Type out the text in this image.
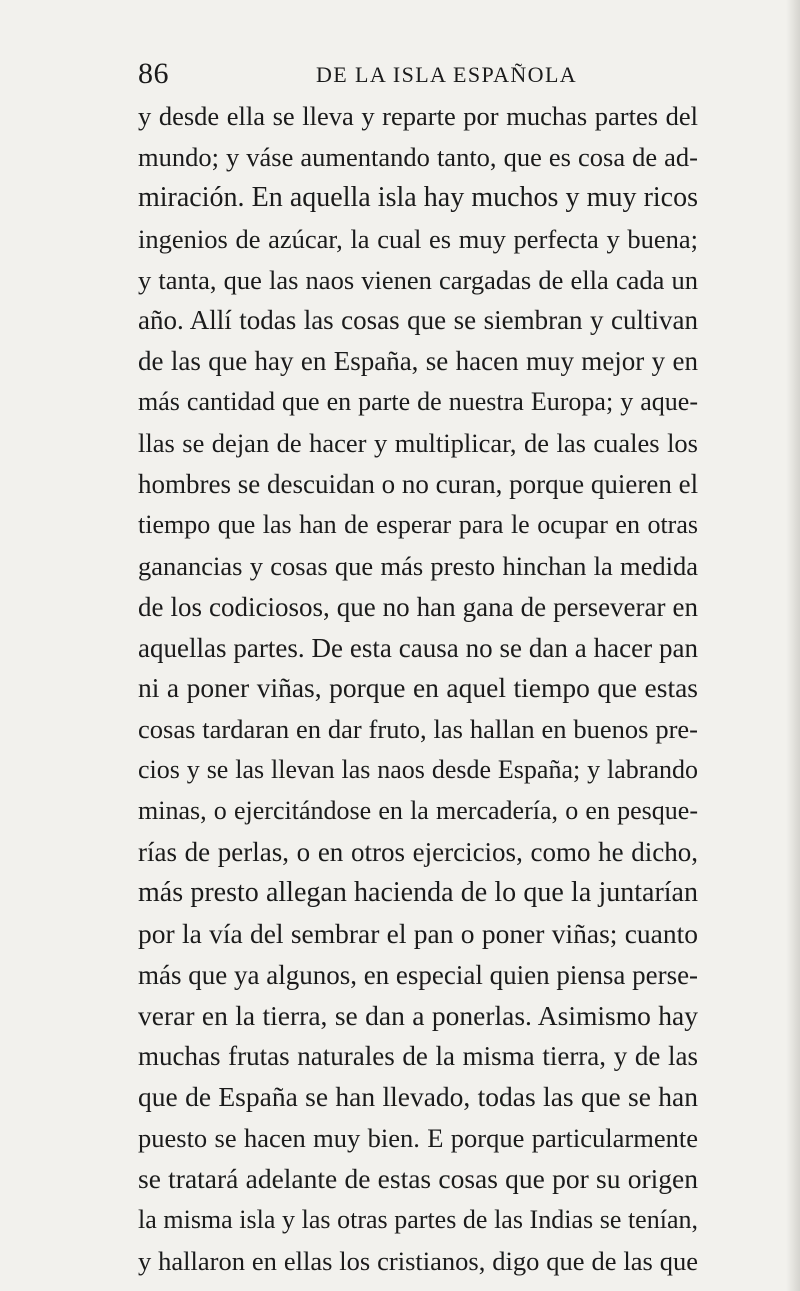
86	DE LA ISLA ESPAÑOLA
y desde ella se lleva y reparte por muchas partes del
mundo; y váse aumentando tanto, que es cosa de ad-
miración. En aquella isla hay muchos y muy ricos
ingenios de azúcar, la cual es muy perfecta y buena;
y tanta, que las naos vienen cargadas de ella cada un
año. Allí todas las cosas que se siembran y cultivan
de las que hay en España, se hacen muy mejor y en
más cantidad que en parte de nuestra Europa; y aque-
llas se dejan de hacer y multiplicar, de las cuales los
hombres se descuidan o no curan, porque quieren el
tiempo que las han de esperar para le ocupar en otras
ganancias y cosas que más presto hinchan la medida
de los codiciosos, que no han gana de perseverar en
aquellas partes. De esta causa no se dan a hacer pan
ni a poner viñas, porque en aquel tiempo que estas
cosas tardaran en dar fruto, las hallan en buenos pre-
cios y se las llevan las naos desde España; y labrando
minas, o ejercitándose en la mercadería, o en pesque-
rías de perlas, o en otros ejercicios, como he dicho,
más presto allegan hacienda de lo que la juntarían
por la vía del sembrar el pan o poner viñas; cuanto
más que ya algunos, en especial quien piensa perse-
verar en la tierra, se dan a ponerlas. Asimismo hay
muchas frutas naturales de la misma tierra, y de las
que de España se han llevado, todas las que se han
puesto se hacen muy bien. E porque particularmente
se tratará adelante de estas cosas que por su origen
la misma isla y las otras partes de las Indias se tenían,
y hallaron en ellas los cristianos, digo que de las que
